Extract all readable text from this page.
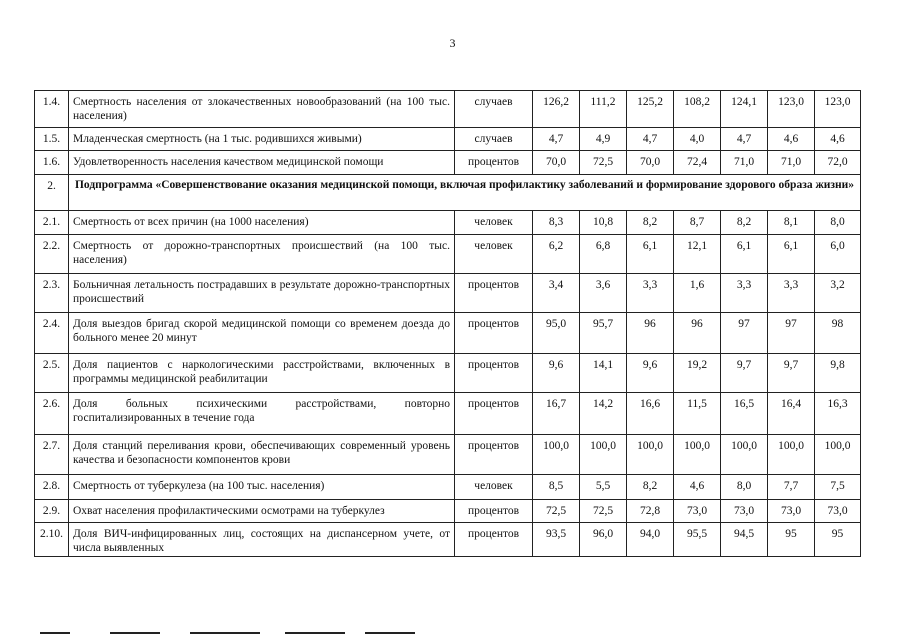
3
1.4.	Смертность населения от злокачественных новообразований (на 100 тыс. населения)	случаев	126,2	111,2	125,2	108,2	124,1	123,0	123,0
1.5.	Младенческая смертность (на 1 тыс. родившихся живыми)	случаев	4,7	4,9	4,7	4,0	4,7	4,6	4,6
1.6.	Удовлетворенность населения качеством медицинской помощи	процентов	70,0	72,5	70,0	72,4	71,0	71,0	72,0
2.	Подпрограмма «Совершенствование оказания медицинской помощи, включая профилактику заболеваний и формирование здорового образа жизни»								
2.1.	Смертность от всех причин (на 1000 населения)	человек	8,3	10,8	8,2	8,7	8,2	8,1	8,0
2.2.	Смертность от дорожно-транспортных происшествий (на 100 тыс. населения)	человек	6,2	6,8	6,1	12,1	6,1	6,1	6,0
2.3.	Больничная летальность пострадавших в результате дорожно-транспортных происшествий	процентов	3,4	3,6	3,3	1,6	3,3	3,3	3,2
2.4.	Доля выездов бригад скорой медицинской помощи со временем доезда до больного менее 20 минут	процентов	95,0	95,7	96	96	97	97	98
2.5.	Доля пациентов с наркологическими расстройствами, включенных в программы медицинской реабилитации	процентов	9,6	14,1	9,6	19,2	9,7	9,7	9,8
2.6.	Доля больных психическими расстройствами, повторно госпитализированных в течение года	процентов	16,7	14,2	16,6	11,5	16,5	16,4	16,3
2.7.	Доля станций переливания крови, обеспечивающих современный уровень качества и безопасности компонентов крови	процентов	100,0	100,0	100,0	100,0	100,0	100,0	100,0
2.8.	Смертность от туберкулеза (на 100 тыс. населения)	человек	8,5	5,5	8,2	4,6	8,0	7,7	7,5
2.9.	Охват населения профилактическими осмотрами на туберкулез	процентов	72,5	72,5	72,8	73,0	73,0	73,0	73,0
2.10.	Доля ВИЧ-инфицированных лиц, состоящих на диспансерном учете, от числа выявленных	процентов	93,5	96,0	94,0	95,5	94,5	95	95
